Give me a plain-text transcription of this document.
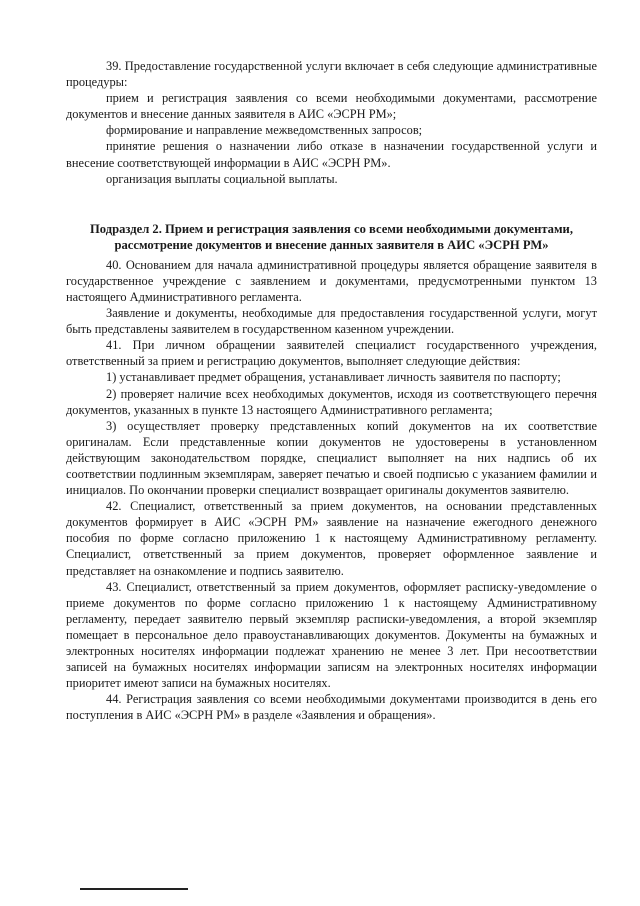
39. Предоставление государственной услуги включает в себя следующие административные процедуры:

прием и регистрация заявления со всеми необходимыми документами, рассмотрение документов и внесение данных заявителя в АИС «ЭСРН РМ»;

формирование и направление межведомственных запросов;

принятие решения о назначении либо отказе в назначении государственной услуги и внесение соответствующей информации в АИС «ЭСРН РМ».

организация выплаты социальной выплаты.

Подраздел 2. Прием и регистрация заявления со всеми необходимыми документами, рассмотрение документов и внесение данных заявителя в АИС «ЭСРН РМ»

40. Основанием для начала административной процедуры является обращение заявителя в государственное учреждение с заявлением и документами, предусмотренными пунктом 13 настоящего Административного регламента.

Заявление и документы, необходимые для предоставления государственной услуги, могут быть представлены заявителем в государственном казенном учреждении.

41. При личном обращении заявителей специалист государственного учреждения, ответственный за прием и регистрацию документов, выполняет следующие действия:

1) устанавливает предмет обращения, устанавливает личность заявителя по паспорту;

2) проверяет наличие всех необходимых документов, исходя из соответствующего перечня документов, указанных в пункте 13 настоящего Административного регламента;

3) осуществляет проверку представленных копий документов на их соответствие оригиналам. Если представленные копии документов не удостоверены в установленном действующим законодательством порядке, специалист выполняет на них надпись об их соответствии подлинным экземплярам, заверяет печатью и своей подписью с указанием фамилии и инициалов. По окончании проверки специалист возвращает оригиналы документов заявителю.

42. Специалист, ответственный за прием документов, на основании представленных документов формирует в АИС «ЭСРН РМ» заявление на назначение ежегодного денежного пособия по форме согласно приложению 1 к настоящему Административному регламенту. Специалист, ответственный за прием документов, проверяет оформленное заявление и представляет на ознакомление и подпись заявителю.

43. Специалист, ответственный за прием документов, оформляет расписку-уведомление о приеме документов по форме согласно приложению 1 к настоящему Административному регламенту, передает заявителю первый экземпляр расписки-уведомления, а второй экземпляр помещает в персональное дело правоустанавливающих документов. Документы на бумажных и электронных носителях информации подлежат хранению не менее 3 лет. При несоответствии записей на бумажных носителях информации записям на электронных носителях информации приоритет имеют записи на бумажных носителях.

44. Регистрация заявления со всеми необходимыми документами производится в день его поступления в АИС «ЭСРН РМ» в разделе «Заявления и обращения».
